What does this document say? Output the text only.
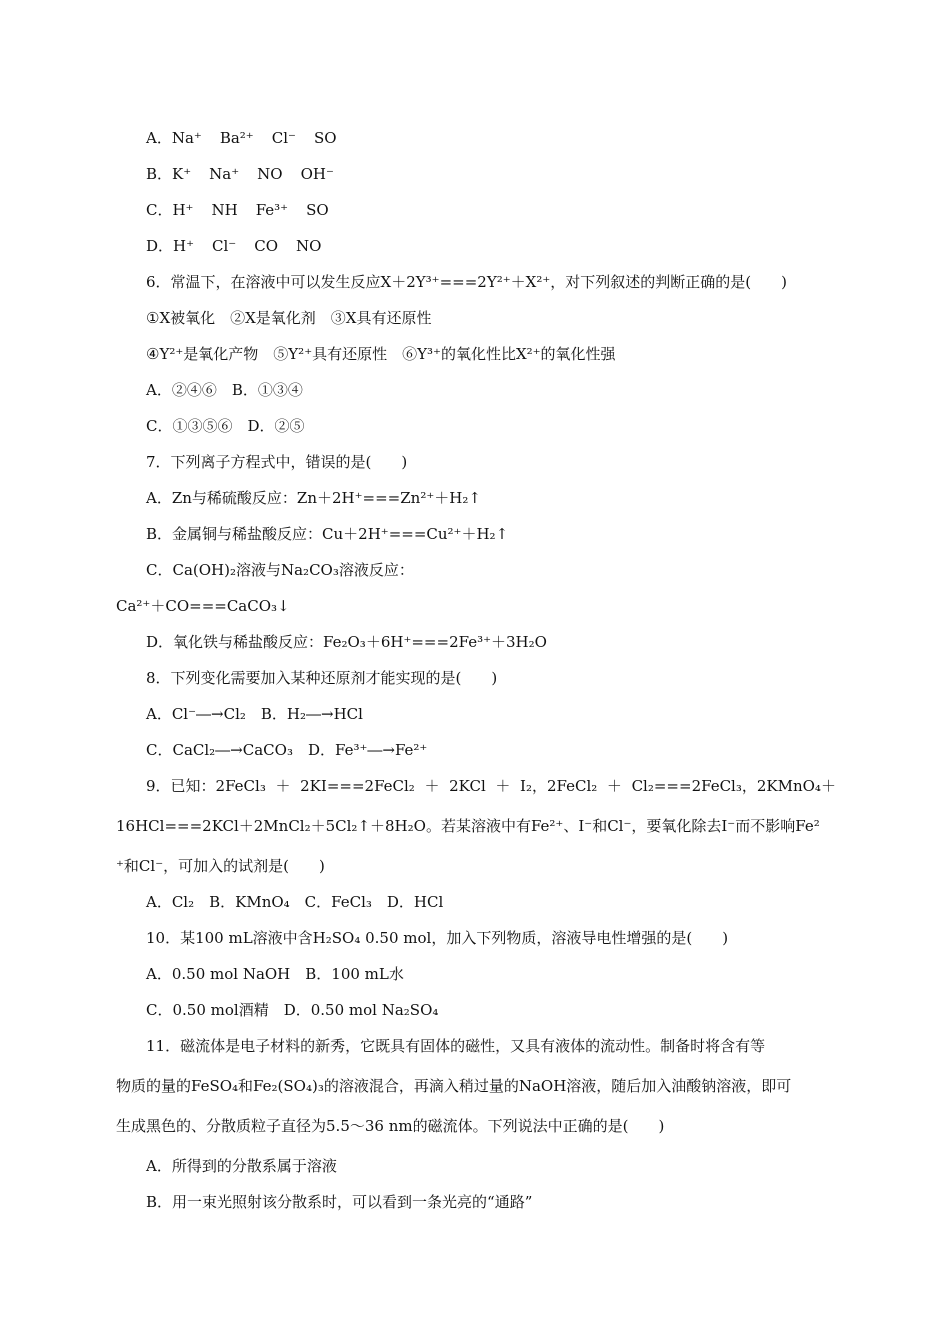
A．Na⁺ Ba²⁺ Cl⁻ SO
B．K⁺ Na⁺ NO OH⁻
C．H⁺ NH Fe³⁺ SO
D．H⁺ Cl⁻ CO NO
6．常温下，在溶液中可以发生反应X＋2Y³⁺===2Y²⁺＋X²⁺，对下列叙述的判断正确的是(　　)
①X被氧化　②X是氧化剂　③X具有还原性
④Y²⁺是氧化产物　⑤Y²⁺具有还原性　⑥Y³⁺的氧化性比X²⁺的氧化性强
A．②④⑥　B．①③④
C．①③⑤⑥　D．②⑤
7．下列离子方程式中，错误的是(　　)
A．Zn与稀硫酸反应：Zn＋2H⁺===Zn²⁺＋H₂↑
B．金属铜与稀盐酸反应：Cu＋2H⁺===Cu²⁺＋H₂↑
C．Ca(OH)₂溶液与Na₂CO₃溶液反应：
Ca²⁺＋CO===CaCO₃↓
D．氧化铁与稀盐酸反应：Fe₂O₃＋6H⁺===2Fe³⁺＋3H₂O
8．下列变化需要加入某种还原剂才能实现的是(　　)
A．Cl⁻―→Cl₂　B．H₂―→HCl
C．CaCl₂―→CaCO₃　D．Fe³⁺―→Fe²⁺
9．已知：2FeCl₃ ＋ 2KI===2FeCl₂ ＋ 2KCl ＋ I₂，2FeCl₂ ＋ Cl₂===2FeCl₃，2KMnO₄＋
16HCl===2KCl＋2MnCl₂＋5Cl₂↑＋8H₂O。若某溶液中有Fe²⁺、I⁻和Cl⁻，要氧化除去I⁻而不影响Fe²
⁺和Cl⁻，可加入的试剂是(　　)
A．Cl₂　B．KMnO₄　C．FeCl₃　D．HCl
10．某100 mL溶液中含H₂SO₄ 0.50 mol，加入下列物质，溶液导电性增强的是(　　)
A．0.50 mol NaOH　B．100 mL水
C．0.50 mol酒精　D．0.50 mol Na₂SO₄
11．磁流体是电子材料的新秀，它既具有固体的磁性，又具有液体的流动性。制备时将含有等
物质的量的FeSO₄和Fe₂(SO₄)₃的溶液混合，再滴入稍过量的NaOH溶液，随后加入油酸钠溶液，即可
生成黑色的、分散质粒子直径为5.5～36 nm的磁流体。下列说法中正确的是(　　)
A．所得到的分散系属于溶液
B．用一束光照射该分散系时，可以看到一条光亮的“通路”
